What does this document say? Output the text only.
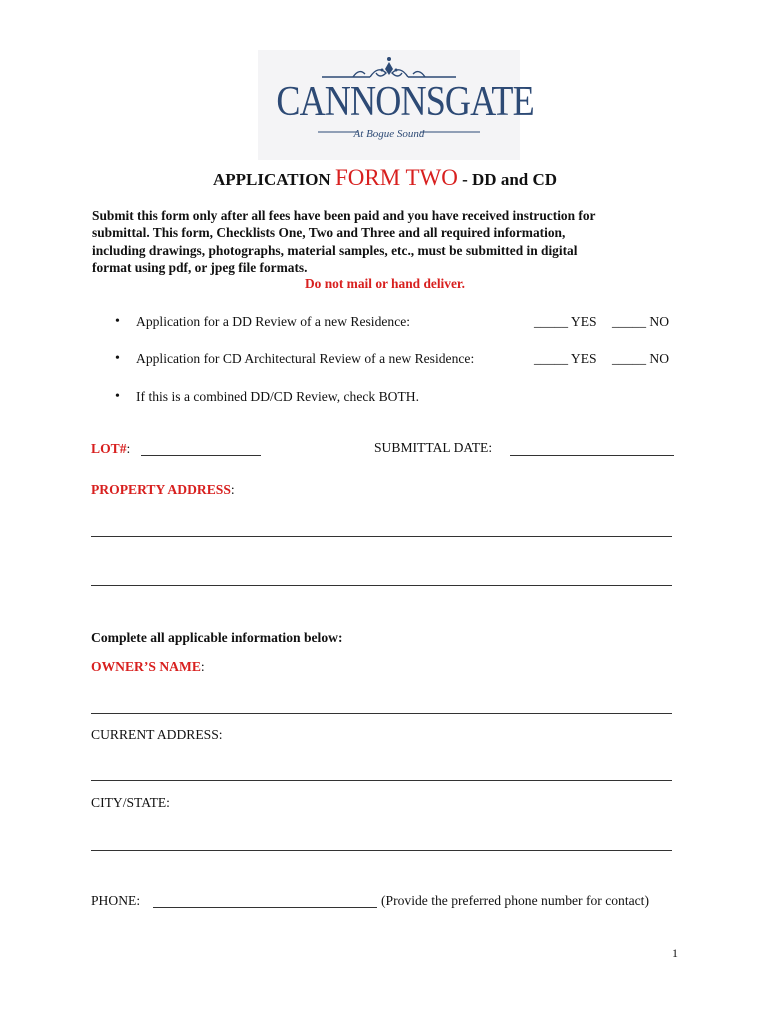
CANNONSGATE
At Bogue Sound
APPLICATION FORM TWO - DD and CD
Submit this form only after all fees have been paid and you have received instruction for
submittal. This form, Checklists One, Two and Three and all required information,
including drawings, photographs, material samples, etc., must be submitted in digital
format using pdf, or jpeg file formats.
Do not mail or hand deliver.
• Application for a DD Review of a new Residence:	_____ YES _____ NO
• Application for CD Architectural Review of a new Residence:	_____ YES _____ NO
• If this is a combined DD/CD Review, check BOTH.
LOT#:	SUBMITTAL DATE:
PROPERTY ADDRESS:
Complete all applicable information below:
OWNER’S NAME:
CURRENT ADDRESS:
CITY/STATE:
PHONE:	(Provide the preferred phone number for contact)
1
